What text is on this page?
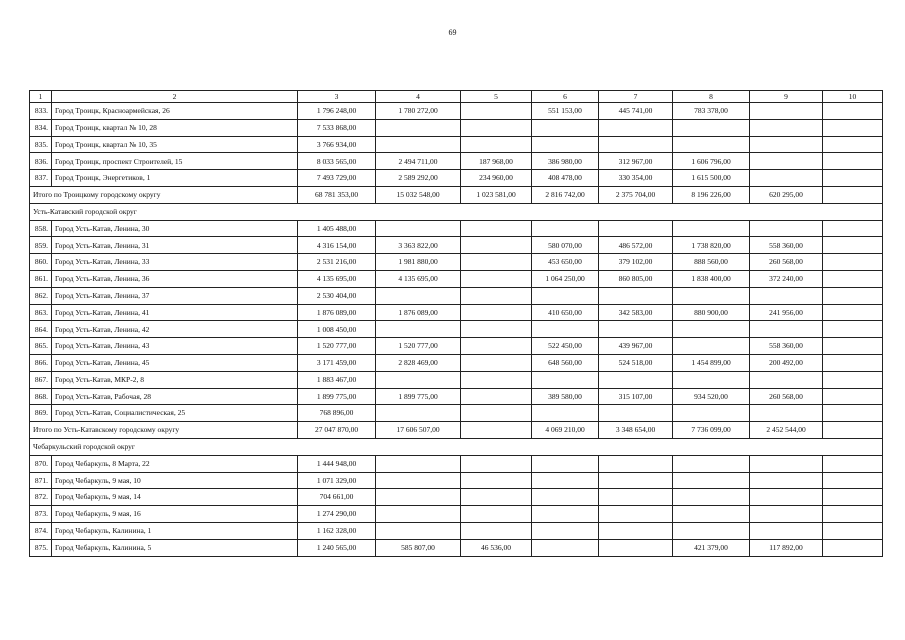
69
1	2	3	4	5	6	7	8	9	10
833.	Город Троицк, Красноармейская, 26	1 796 248,00	1 780 272,00		551 153,00	445 741,00	783 378,00		
834.	Город Троицк, квартал № 10, 28	7 533 868,00							
835.	Город Троицк, квартал № 10, 35	3 766 934,00							
836.	Город Троицк, проспект Строителей, 15	8 033 565,00	2 494 711,00	187 968,00	386 980,00	312 967,00	1 606 796,00		
837.	Город Троицк, Энергетиков, 1	7 493 729,00	2 589 292,00	234 960,00	408 478,00	330 354,00	1 615 500,00		
Итого по Троицкому городскому округу		68 781 353,00	15 032 548,00	1 023 581,00	2 816 742,00	2 375 704,00	8 196 226,00	620 295,00	
Усть-Катавский городской округ									
858.	Город Усть-Катав, Ленина, 30	1 405 488,00							
859.	Город Усть-Катав, Ленина, 31	4 316 154,00	3 363 822,00		580 070,00	486 572,00	1 738 820,00	558 360,00	
860.	Город Усть-Катав, Ленина, 33	2 531 216,00	1 981 880,00		453 650,00	379 102,00	888 560,00	260 568,00	
861.	Город Усть-Катав, Ленина, 36	4 135 695,00	4 135 695,00		1 064 250,00	860 805,00	1 838 400,00	372 240,00	
862.	Город Усть-Катав, Ленина, 37	2 530 404,00							
863.	Город Усть-Катав, Ленина, 41	1 876 089,00	1 876 089,00		410 650,00	342 583,00	880 900,00	241 956,00	
864.	Город Усть-Катав, Ленина, 42	1 008 450,00							
865.	Город Усть-Катав, Ленина, 43	1 520 777,00	1 520 777,00		522 450,00	439 967,00		558 360,00	
866.	Город Усть-Катав, Ленина, 45	3 171 459,00	2 828 469,00		648 560,00	524 518,00	1 454 899,00	200 492,00	
867.	Город Усть-Катав, МКР-2, 8	1 883 467,00							
868.	Город Усть-Катав, Рабочая, 28	1 899 775,00	1 899 775,00		389 580,00	315 107,00	934 520,00	260 568,00	
869.	Город Усть-Катав, Социалистическая, 25	768 896,00							
Итого по Усть-Катавскому городскому округу		27 047 870,00	17 606 507,00		4 069 210,00	3 348 654,00	7 736 099,00	2 452 544,00	
Чебаркульский городской округ									
870.	Город Чебаркуль, 8 Марта, 22	1 444 948,00							
871.	Город Чебаркуль, 9 мая, 10	1 071 329,00							
872.	Город Чебаркуль, 9 мая, 14	704 661,00							
873.	Город Чебаркуль, 9 мая, 16	1 274 290,00							
874.	Город Чебаркуль, Калинина, 1	1 162 328,00							
875.	Город Чебаркуль, Калинина, 5	1 240 565,00	585 807,00	46 536,00			421 379,00	117 892,00	
